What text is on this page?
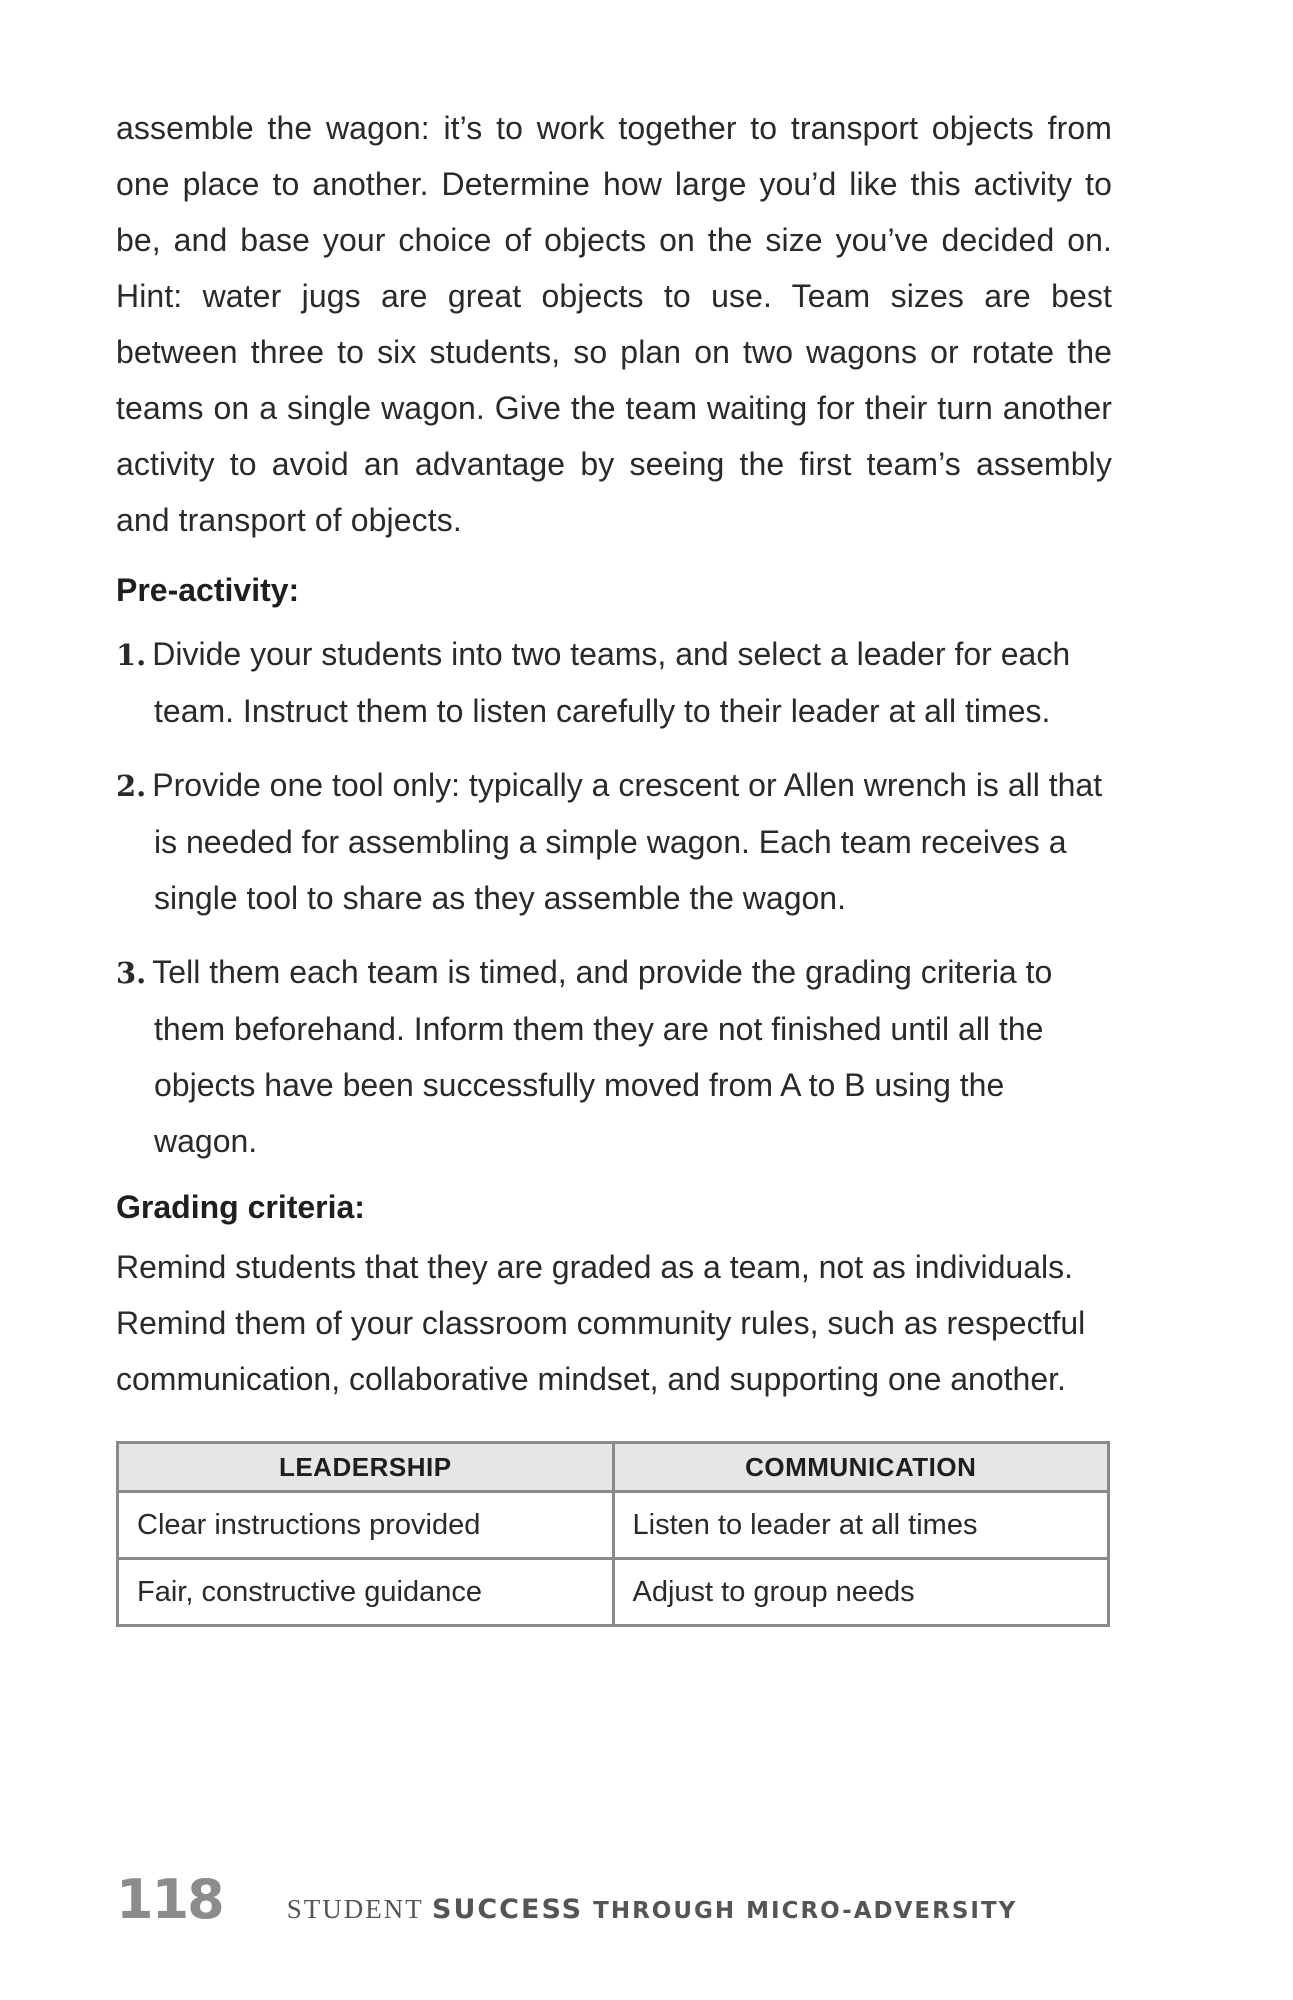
assemble the wagon: it’s to work together to transport objects from one place to another. Determine how large you’d like this activity to be, and base your choice of objects on the size you’ve decided on. Hint: water jugs are great objects to use. Team sizes are best between three to six students, so plan on two wagons or rotate the teams on a single wagon. Give the team waiting for their turn another activity to avoid an advantage by seeing the first team’s assembly and transport of objects.

Pre-activity:
1. Divide your students into two teams, and select a leader for each team. Instruct them to listen carefully to their leader at all times.
2. Provide one tool only: typically a crescent or Allen wrench is all that is needed for assembling a simple wagon. Each team receives a single tool to share as they assemble the wagon.
3. Tell them each team is timed, and provide the grading criteria to them beforehand. Inform them they are not finished until all the objects have been successfully moved from A to B using the wagon.
Grading criteria:

Remind students that they are graded as a team, not as individuals. Remind them of your classroom community rules, such as respectful communication, collaborative mindset, and supporting one another.

LEADERSHIP	COMMUNICATION
Clear instructions provided	Listen to leader at all times
Fair, constructive guidance	Adjust to group needs
118 STUDENT SUCCESS THROUGH MICRO-ADVERSITY
